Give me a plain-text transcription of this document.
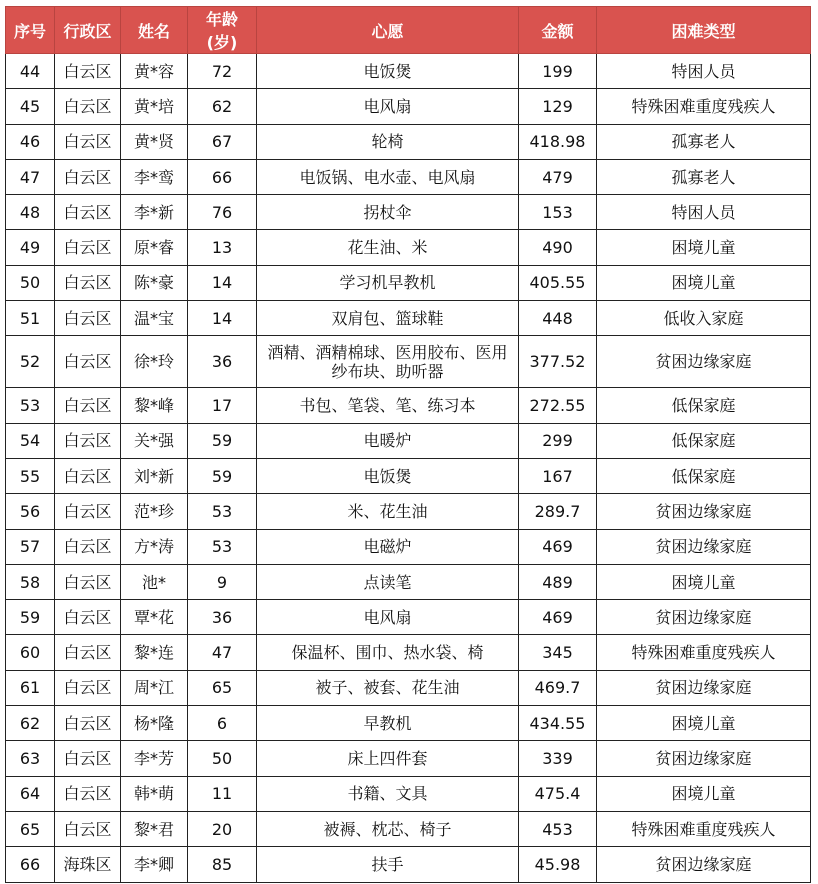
序号	行政区	姓名	年龄(岁)	心愿	金额	困难类型
44	白云区	黄*容	72	电饭煲	199	特困人员
45	白云区	黄*培	62	电风扇	129	特殊困难重度残疾人
46	白云区	黄*贤	67	轮椅	418.98	孤寡老人
47	白云区	李*鸾	66	电饭锅、电水壶、电风扇	479	孤寡老人
48	白云区	李*新	76	拐杖伞	153	特困人员
49	白云区	原*睿	13	花生油、米	490	困境儿童
50	白云区	陈*豪	14	学习机早教机	405.55	困境儿童
51	白云区	温*宝	14	双肩包、篮球鞋	448	低收入家庭
52	白云区	徐*玲	36	酒精、酒精棉球、医用胶布、医用纱布块、助听器	377.52	贫困边缘家庭
53	白云区	黎*峰	17	书包、笔袋、笔、练习本	272.55	低保家庭
54	白云区	关*强	59	电暖炉	299	低保家庭
55	白云区	刘*新	59	电饭煲	167	低保家庭
56	白云区	范*珍	53	米、花生油	289.7	贫困边缘家庭
57	白云区	方*涛	53	电磁炉	469	贫困边缘家庭
58	白云区	池*	9	点读笔	489	困境儿童
59	白云区	覃*花	36	电风扇	469	贫困边缘家庭
60	白云区	黎*连	47	保温杯、围巾、热水袋、椅	345	特殊困难重度残疾人
61	白云区	周*江	65	被子、被套、花生油	469.7	贫困边缘家庭
62	白云区	杨*隆	6	早教机	434.55	困境儿童
63	白云区	李*芳	50	床上四件套	339	贫困边缘家庭
64	白云区	韩*萌	11	书籍、文具	475.4	困境儿童
65	白云区	黎*君	20	被褥、枕芯、椅子	453	特殊困难重度残疾人
66	海珠区	李*卿	85	扶手	45.98	贫困边缘家庭
